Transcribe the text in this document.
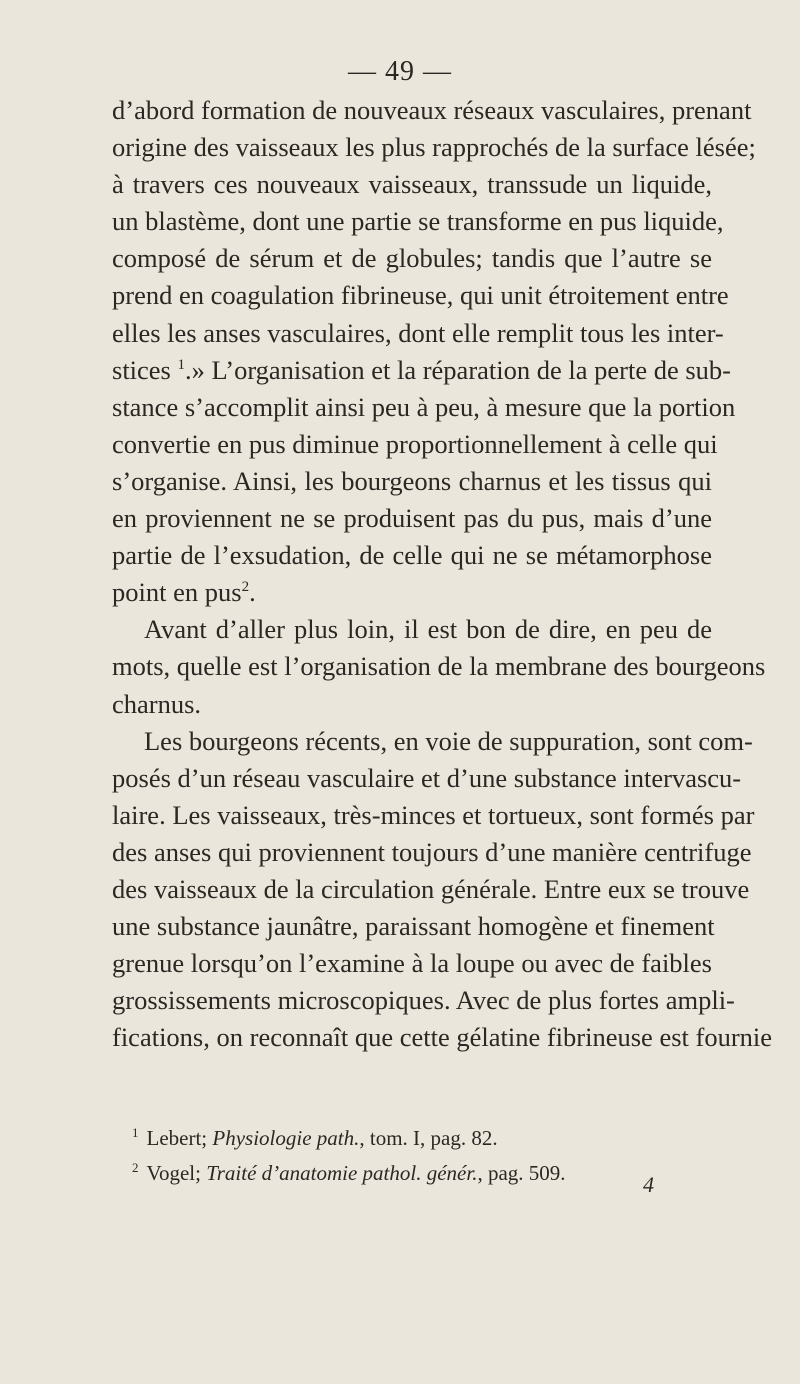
— 49 —
d’abord formation de nouveaux réseaux vasculaires, prenant
origine des vaisseaux les plus rapprochés de la surface lésée;
à travers ces nouveaux vaisseaux, transsude un liquide,
un blastème, dont une partie se transforme en pus liquide,
composé de sérum et de globules; tandis que l’autre se
prend en coagulation fibrineuse, qui unit étroitement entre
elles les anses vasculaires, dont elle remplit tous les inter-
stices $^1$.» L’organisation et la réparation de la perte de sub-
stance s’accomplit ainsi peu à peu, à mesure que la portion
convertie en pus diminue proportionnellement à celle qui
s’organise. Ainsi, les bourgeons charnus et les tissus qui
en proviennent ne se produisent pas du pus, mais d’une
partie de l’exsudation, de celle qui ne se métamorphose
point en pus$^2$.
Avant d’aller plus loin, il est bon de dire, en peu de
mots, quelle est l’organisation de la membrane des bourgeons
charnus.
Les bourgeons récents, en voie de suppuration, sont com-
posés d’un réseau vasculaire et d’une substance intervascu-
laire. Les vaisseaux, très-minces et tortueux, sont formés par
des anses qui proviennent toujours d’une manière centrifuge
des vaisseaux de la circulation générale. Entre eux se trouve
une substance jaunâtre, paraissant homogène et finement
grenue lorsqu’on l’examine à la loupe ou avec de faibles
grossissements microscopiques. Avec de plus fortes ampli-
fications, on reconnaît que cette gélatine fibrineuse est fournie
$^1$ Lebert; Physiologie path., tom. I, pag. 82.
$^2$ Vogel; Traité d’anatomie pathol. génér., pag. 509.	4
